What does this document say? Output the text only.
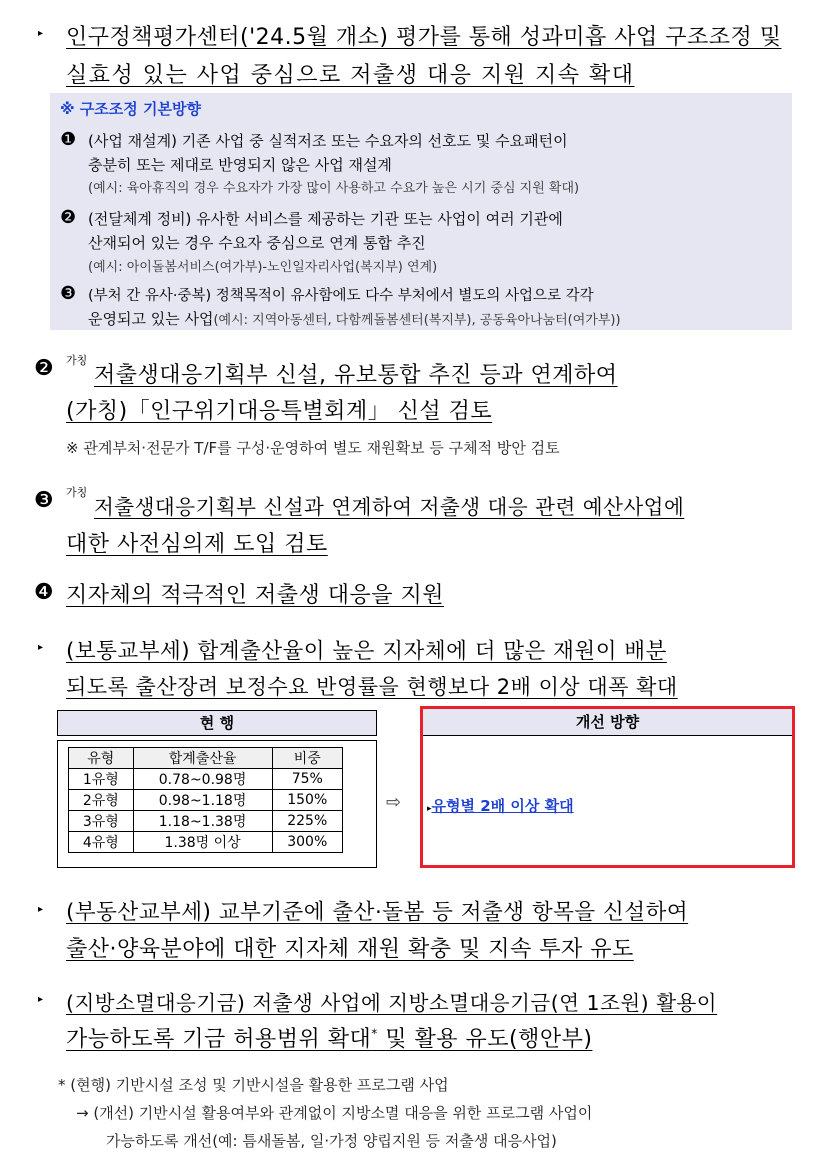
▸ 인구정책평가센터('24.5월 개소) 평가를 통해 성과미흡 사업 구조조정 및
실효성 있는 사업 중심으로 저출생 대응 지원 지속 확대
※ 구조조정 기본방향
❶ (사업 재설계) 기존 사업 중 실적저조 또는 수요자의 선호도 및 수요패턴이
충분히 또는 제대로 반영되지 않은 사업 재설계
(예시: 육아휴직의 경우 수요자가 가장 많이 사용하고 수요가 높은 시기 중심 지원 확대)
❷ (전달체계 정비) 유사한 서비스를 제공하는 기관 또는 사업이 여러 기관에
산재되어 있는 경우 수요자 중심으로 연계 통합 추진
(예시: 아이돌봄서비스(여가부)-노인일자리사업(복지부) 연계)
❸ (부처 간 유사·중복) 정책목적이 유사함에도 다수 부처에서 별도의 사업으로 각각
운영되고 있는 사업(예시: 지역아동센터, 다함께돌봄센터(복지부), 공동육아나눔터(여가부))
❷ 가칭
저출생대응기획부 신설, 유보통합 추진 등과 연계하여
(가칭)「인구위기대응특별회계」 신설 검토
※ 관계부처·전문가 T/F를 구성·운영하여 별도 재원확보 등 구체적 방안 검토
❸ 가칭
저출생대응기획부 신설과 연계하여 저출생 대응 관련 예산사업에
대한 사전심의제 도입 검토
❹ 지자체의 적극적인 저출생 대응을 지원
▸ (보통교부세) 합계출산율이 높은 지자체에 더 많은 재원이 배분
되도록 출산장려 보정수요 반영률을 현행보다 2배 이상 대폭 확대
현 행
유형	합계출산율	비중
1유형	0.78~0.98명	75%
2유형	0.98~1.18명	150%
3유형	1.18~1.38명	225%
4유형	1.38명 이상	300%
⇨
개선 방향
▸유형별 2배 이상 확대
▸ (부동산교부세) 교부기준에 출산·돌봄 등 저출생 항목을 신설하여
출산·양육분야에 대한 지자체 재원 확충 및 지속 투자 유도
▸ (지방소멸대응기금) 저출생 사업에 지방소멸대응기금(연 1조원) 활용이
가능하도록 기금 허용범위 확대* 및 활용 유도(행안부)
* (현행) 기반시설 조성 및 기반시설을 활용한 프로그램 사업
→ (개선) 기반시설 활용여부와 관계없이 지방소멸 대응을 위한 프로그램 사업이
가능하도록 개선(예: 틈새돌봄, 일·가정 양립지원 등 저출생 대응사업)
